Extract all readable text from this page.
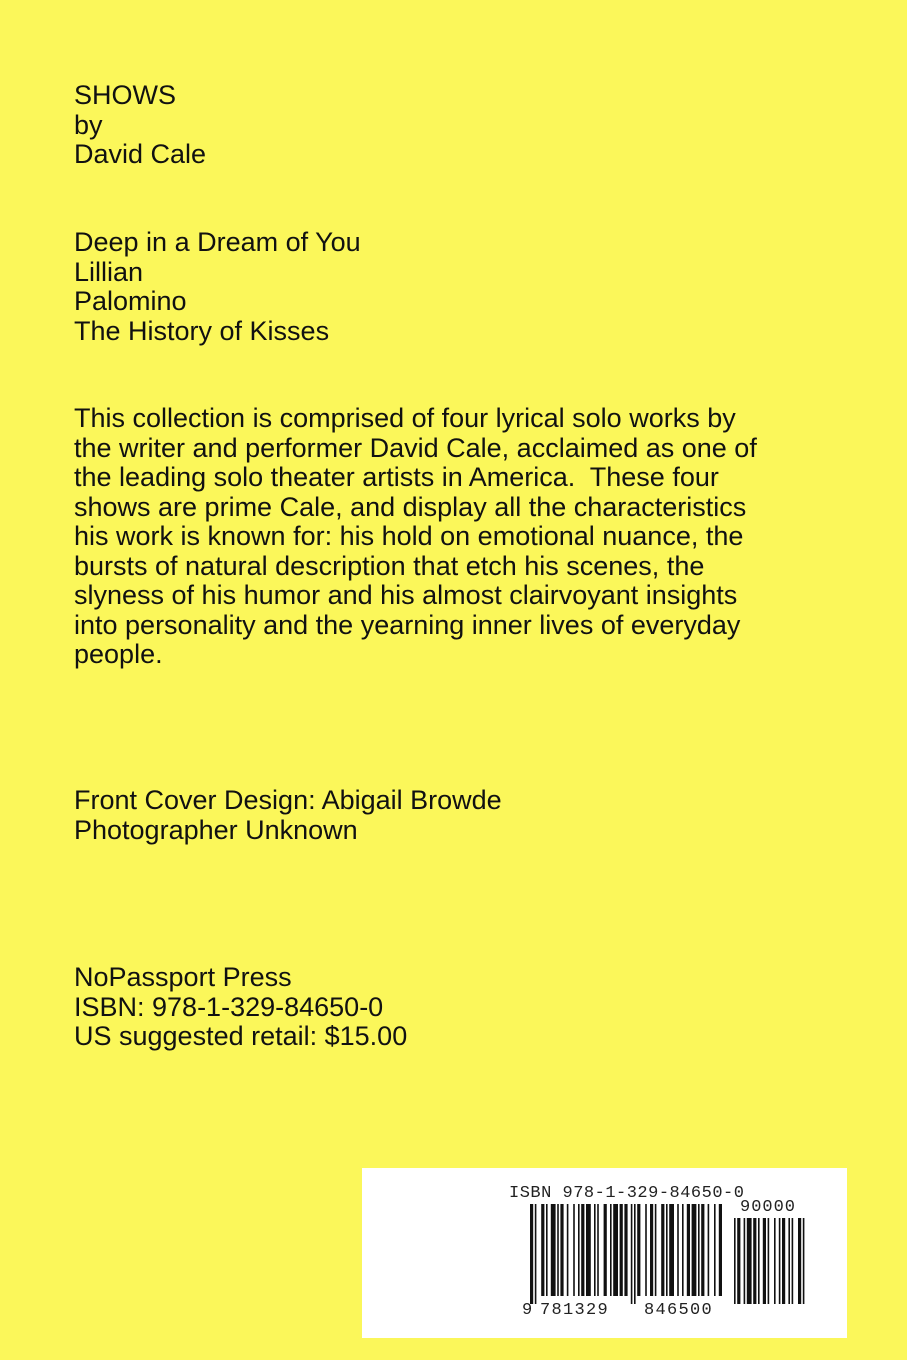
SHOWS
by
David Cale
Deep in a Dream of You
Lillian
Palomino
The History of Kisses
This collection is comprised of four lyrical solo works by
the writer and performer David Cale, acclaimed as one of
the leading solo theater artists in America.  These four
shows are prime Cale, and display all the characteristics
his work is known for: his hold on emotional nuance, the
bursts of natural description that etch his scenes, the
slyness of his humor and his almost clairvoyant insights
into personality and the yearning inner lives of everyday
people.
Front Cover Design: Abigail Browde
Photographer Unknown
NoPassport Press
ISBN: 978-1-329-84650-0
US suggested retail: $15.00
ISBN 978-1-329-84650-0
90000
9 781329 846500
